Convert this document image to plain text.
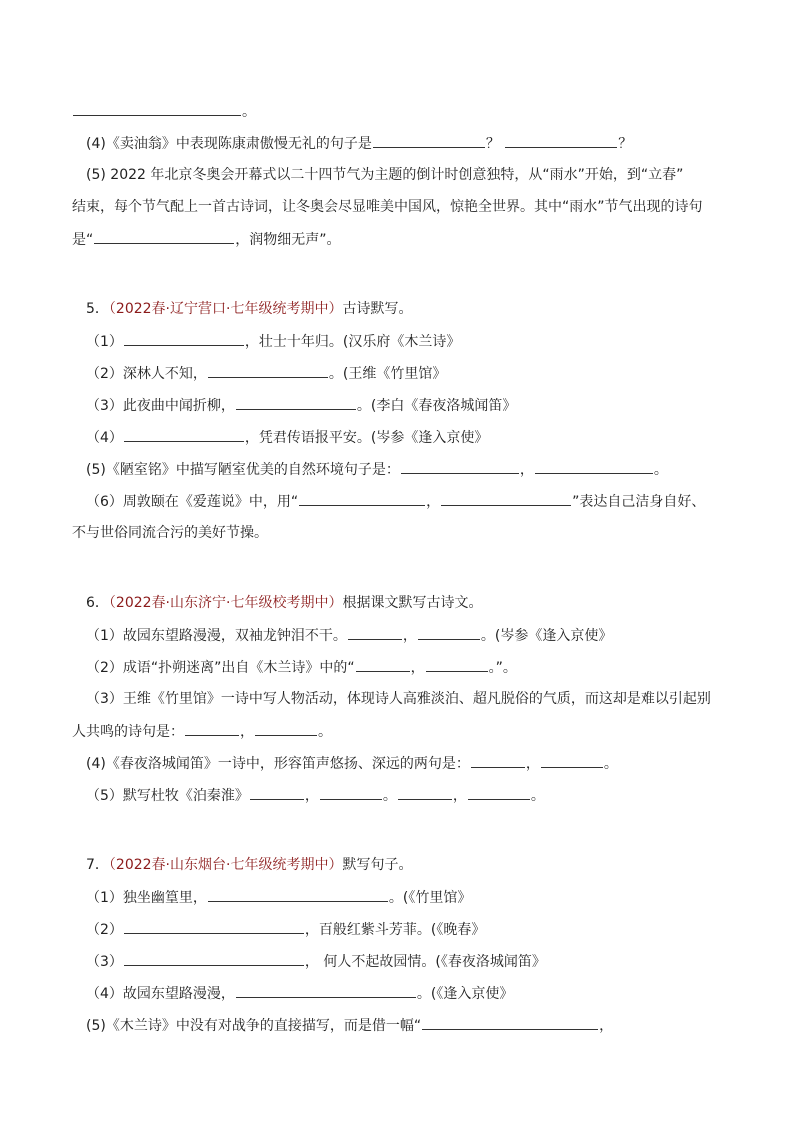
。
(4)《卖油翁》中表现陈康肃傲慢无礼的句子是	？	？
(5) 2022 年北京冬奥会开幕式以二十四节气为主题的倒计时创意独特，从“雨水”开始，到“立春”
结束，每个节气配上一首古诗词，让冬奥会尽显唯美中国风，惊艳全世界。其中“雨水”节气出现的诗句
是“	，润物细无声”。
5．（2022春·辽宁营口·七年级统考期中）古诗默写。
（1）	，壮士十年归。(汉乐府《木兰诗》
（2）深林人不知，	。(王维《竹里馆》
（3）此夜曲中闻折柳，	。(李白《春夜洛城闻笛》
（4）	，凭君传语报平安。(岑参《逢入京使》
(5)《陋室铭》中描写陋室优美的自然环境句子是：	，	。
（6）周敦颐在《爱莲说》中，用“	，	”表达自己洁身自好、
不与世俗同流合污的美好节操。
6．（2022春·山东济宁·七年级校考期中）根据课文默写古诗文。
（1）故园东望路漫漫，双袖龙钟泪不干。	，	。(岑参《逢入京使》
（2）成语“扑朔迷离”出自《木兰诗》中的“	，	。”。
（3）王维《竹里馆》一诗中写人物活动，体现诗人高雅淡泊、超凡脱俗的气质，而这却是难以引起别
人共鸣的诗句是：	，	。
(4)《春夜洛城闻笛》一诗中，形容笛声悠扬、深远的两句是：	，	。
（5）默写杜牧《泊秦淮》	，	。	，	。
7．（2022春·山东烟台·七年级统考期中）默写句子。
（1）独坐幽篁里，	。(《竹里馆》
（2）	，百般红紫斗芳菲。(《晚春》
（3）	， 何人不起故园情。(《春夜洛城闻笛》
（4）故园东望路漫漫，	。(《逢入京使》
(5)《木兰诗》中没有对战争的直接描写，而是借一幅“	，
